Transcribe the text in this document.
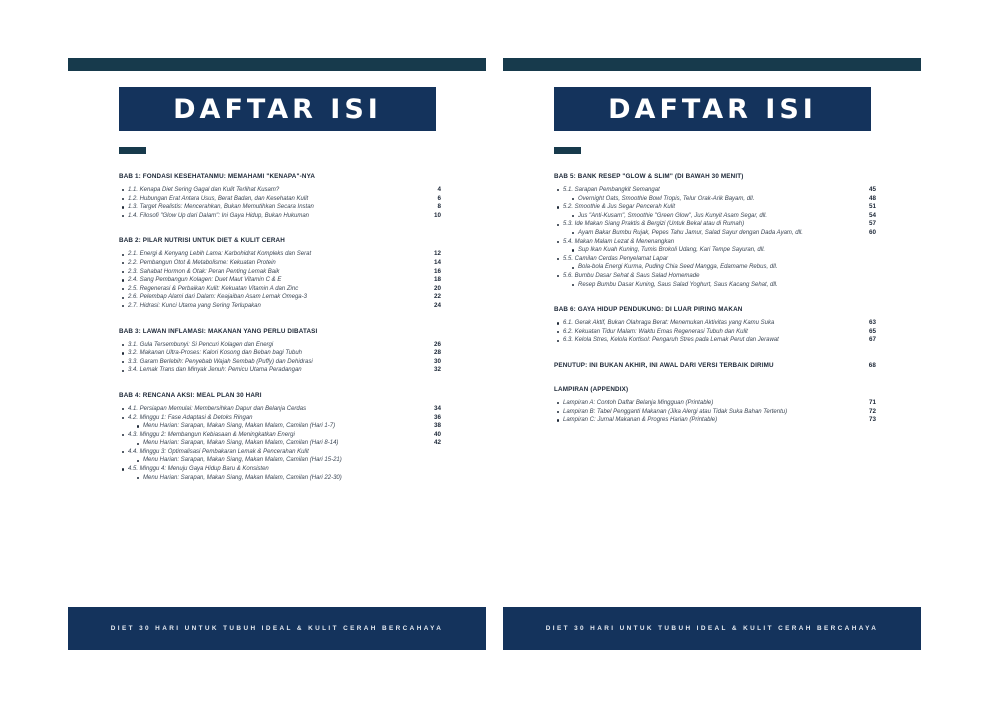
DAFTAR ISI
BAB 1: FONDASI KESEHATANMU: MEMAHAMI "KENAPA"-NYA
1.1. Kenapa Diet Sering Gagal dan Kulit Terlihat Kusam?
1.2. Hubungan Erat Antara Usus, Berat Badan, dan Kesehatan Kulit
1.3. Target Realistis: Mencerahkan, Bukan Memutihkan Secara Instan
1.4. Filosofi "Glow Up dari Dalam": Ini Gaya Hidup, Bukan Hukuman
4
6
8
10
BAB 2: PILAR NUTRISI UNTUK DIET & KULIT CERAH
2.1. Energi & Kenyang Lebih Lama: Karbohidrat Kompleks dan Serat
2.2. Pembangun Otot & Metabolisme: Kekuatan Protein
2.3. Sahabat Hormon & Otak: Peran Penting Lemak Baik
2.4. Sang Pembangun Kolagen: Duet Maut Vitamin C & E
2.5. Regenerasi & Perbaikan Kulit: Kekuatan Vitamin A dan Zinc
2.6. Pelembap Alami dari Dalam: Keajaiban Asam Lemak Omega-3
2.7. Hidrasi: Kunci Utama yang Sering Terlupakan
12
14
16
18
20
22
24
BAB 3: LAWAN INFLAMASI: MAKANAN YANG PERLU DIBATASI
3.1. Gula Tersembunyi: Si Pencuri Kolagen dan Energi
3.2. Makanan Ultra-Proses: Kalori Kosong dan Beban bagi Tubuh
3.3. Garam Berlebih: Penyebab Wajah Sembab (Puffy) dan Dehidrasi
3.4. Lemak Trans dan Minyak Jenuh: Pemicu Utama Peradangan
26
28
30
32
BAB 4: RENCANA AKSI: MEAL PLAN 30 HARI
4.1. Persiapan Memulai: Membersihkan Dapur dan Belanja Cerdas
4.2. Minggu 1: Fase Adaptasi & Detoks Ringan
Menu Harian: Sarapan, Makan Siang, Makan Malam, Camilan (Hari 1-7)
4.3. Minggu 2: Membangun Kebiasaan & Meningkatkan Energi
Menu Harian: Sarapan, Makan Siang, Makan Malam, Camilan (Hari 8-14)
4.4. Minggu 3: Optimalisasi Pembakaran Lemak & Pencerahan Kulit
Menu Harian: Sarapan, Makan Siang, Makan Malam, Camilan (Hari 15-21)
4.5. Minggu 4: Menuju Gaya Hidup Baru & Konsisten
Menu Harian: Sarapan, Makan Siang, Makan Malam, Camilan (Hari 22-30)
34
36
38
40
42
DIET 30 HARI UNTUK TUBUH IDEAL & KULIT CERAH BERCAHAYA
DAFTAR ISI
BAB 5: BANK RESEP "GLOW & SLIM" (DI BAWAH 30 MENIT)
5.1. Sarapan Pembangkit Semangat
Overnight Oats, Smoothie Bowl Tropis, Telur Orak-Arik Bayam, dll.
5.2. Smoothie & Jus Segar Pencerah Kulit
Jus "Anti-Kusam", Smoothie "Green Glow", Jus Kunyit Asam Segar, dll.
5.3. Ide Makan Siang Praktis & Bergizi (Untuk Bekal atau di Rumah)
Ayam Bakar Bumbu Rujak, Pepes Tahu Jamur, Salad Sayur dengan Dada Ayam, dll.
5.4. Makan Malam Lezat & Menenangkan
Sup Ikan Kuah Kuning, Tumis Brokoli Udang, Kari Tempe Sayuran, dll.
5.5. Camilan Cerdas Penyelamat Lapar
Bola-bola Energi Kurma, Puding Chia Seed Mangga, Edamame Rebus, dll.
5.6. Bumbu Dasar Sehat & Saus Salad Homemade
Resep Bumbu Dasar Kuning, Saus Salad Yoghurt, Saus Kacang Sehat, dll.
45
48
51
54
57
60
BAB 6: GAYA HIDUP PENDUKUNG: DI LUAR PIRING MAKAN
6.1. Gerak Aktif, Bukan Olahraga Berat: Menemukan Aktivitas yang Kamu Suka
6.2. Kekuatan Tidur Malam: Waktu Emas Regenerasi Tubuh dan Kulit
6.3. Kelola Stres, Kelola Kortisol: Pengaruh Stres pada Lemak Perut dan Jerawat
63
65
67
PENUTUP: INI BUKAN AKHIR, INI AWAL DARI VERSI TERBAIK DIRIMU	68
LAMPIRAN (APPENDIX)
Lampiran A: Contoh Daftar Belanja Mingguan (Printable)
Lampiran B: Tabel Pengganti Makanan (Jika Alergi atau Tidak Suka Bahan Tertentu)
Lampiran C: Jurnal Makanan & Progres Harian (Printable)
71
72
73
DIET 30 HARI UNTUK TUBUH IDEAL & KULIT CERAH BERCAHAYA
